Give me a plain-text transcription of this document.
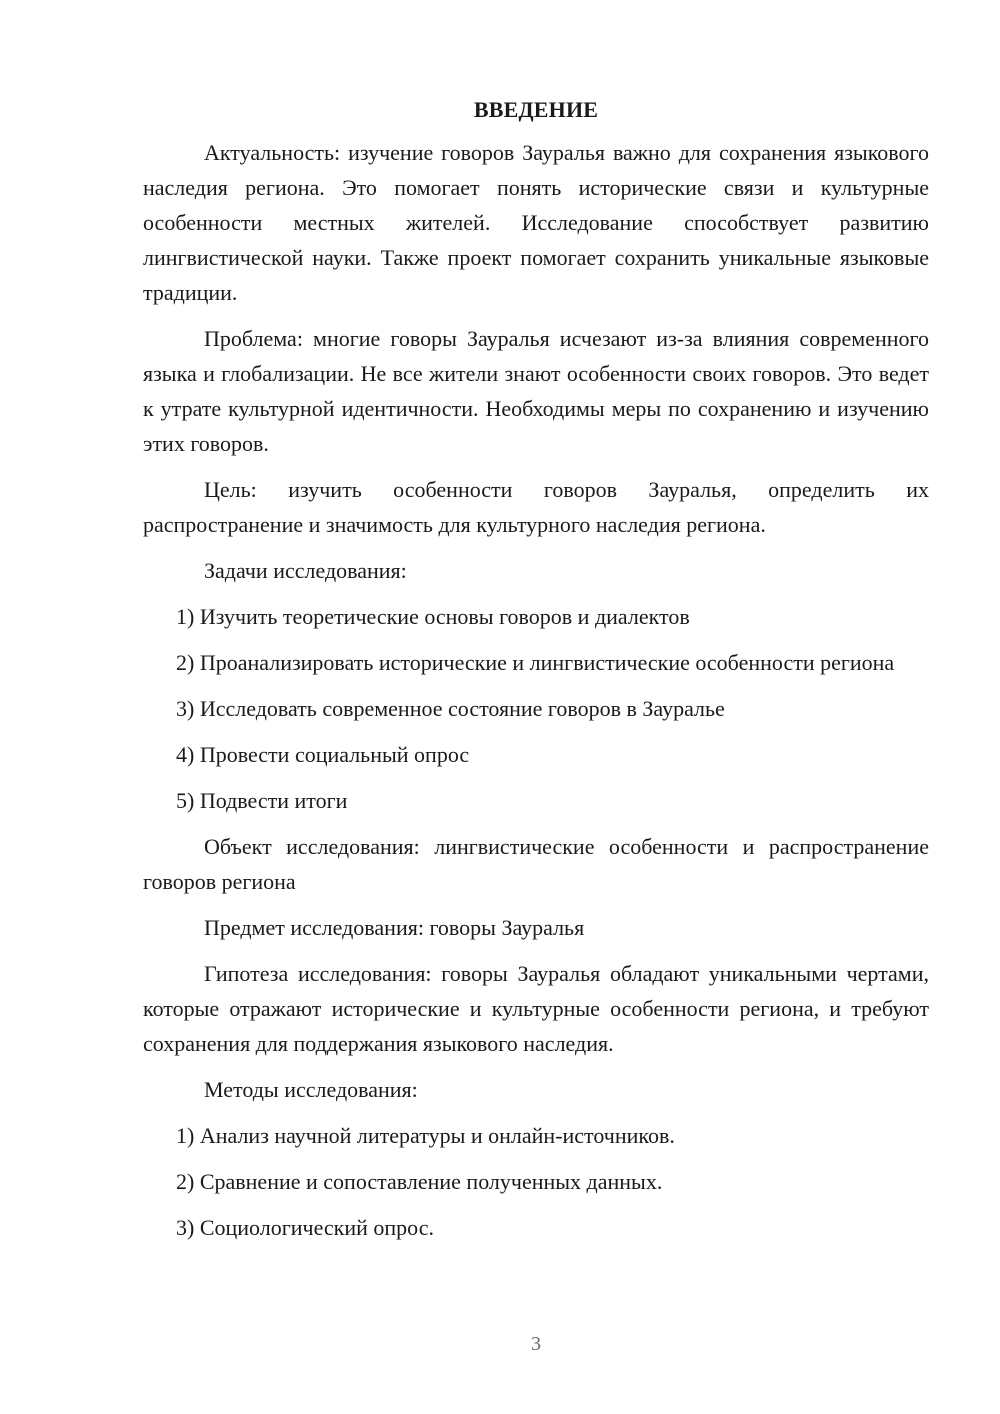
ВВЕДЕНИЕ

Актуальность: изучение говоров Зауралья важно для сохранения языкового наследия региона. Это помогает понять исторические связи и культурные особенности местных жителей. Исследование способствует развитию лингвистической науки. Также проект помогает сохранить уникальные языковые традиции.

Проблема: многие говоры Зауралья исчезают из-за влияния современного языка и глобализации. Не все жители знают особенности своих говоров. Это ведет к утрате культурной идентичности. Необходимы меры по сохранению и изучению этих говоров.

Цель: изучить особенности говоров Зауралья, определить их распространение и значимость для культурного наследия региона.

Задачи исследования:

1) Изучить теоретические основы говоров и диалектов

2) Проанализировать исторические и лингвистические особенности региона

3) Исследовать современное состояние говоров в Зауралье

4) Провести социальный опрос

5) Подвести итоги

Объект исследования: лингвистические особенности и распространение говоров региона

Предмет исследования: говоры Зауралья

Гипотеза исследования: говоры Зауралья обладают уникальными чертами, которые отражают исторические и культурные особенности региона, и требуют сохранения для поддержания языкового наследия.

Методы исследования:

1) Анализ научной литературы и онлайн-источников.

2) Сравнение и сопоставление полученных данных.

3) Социологический опрос.

3
